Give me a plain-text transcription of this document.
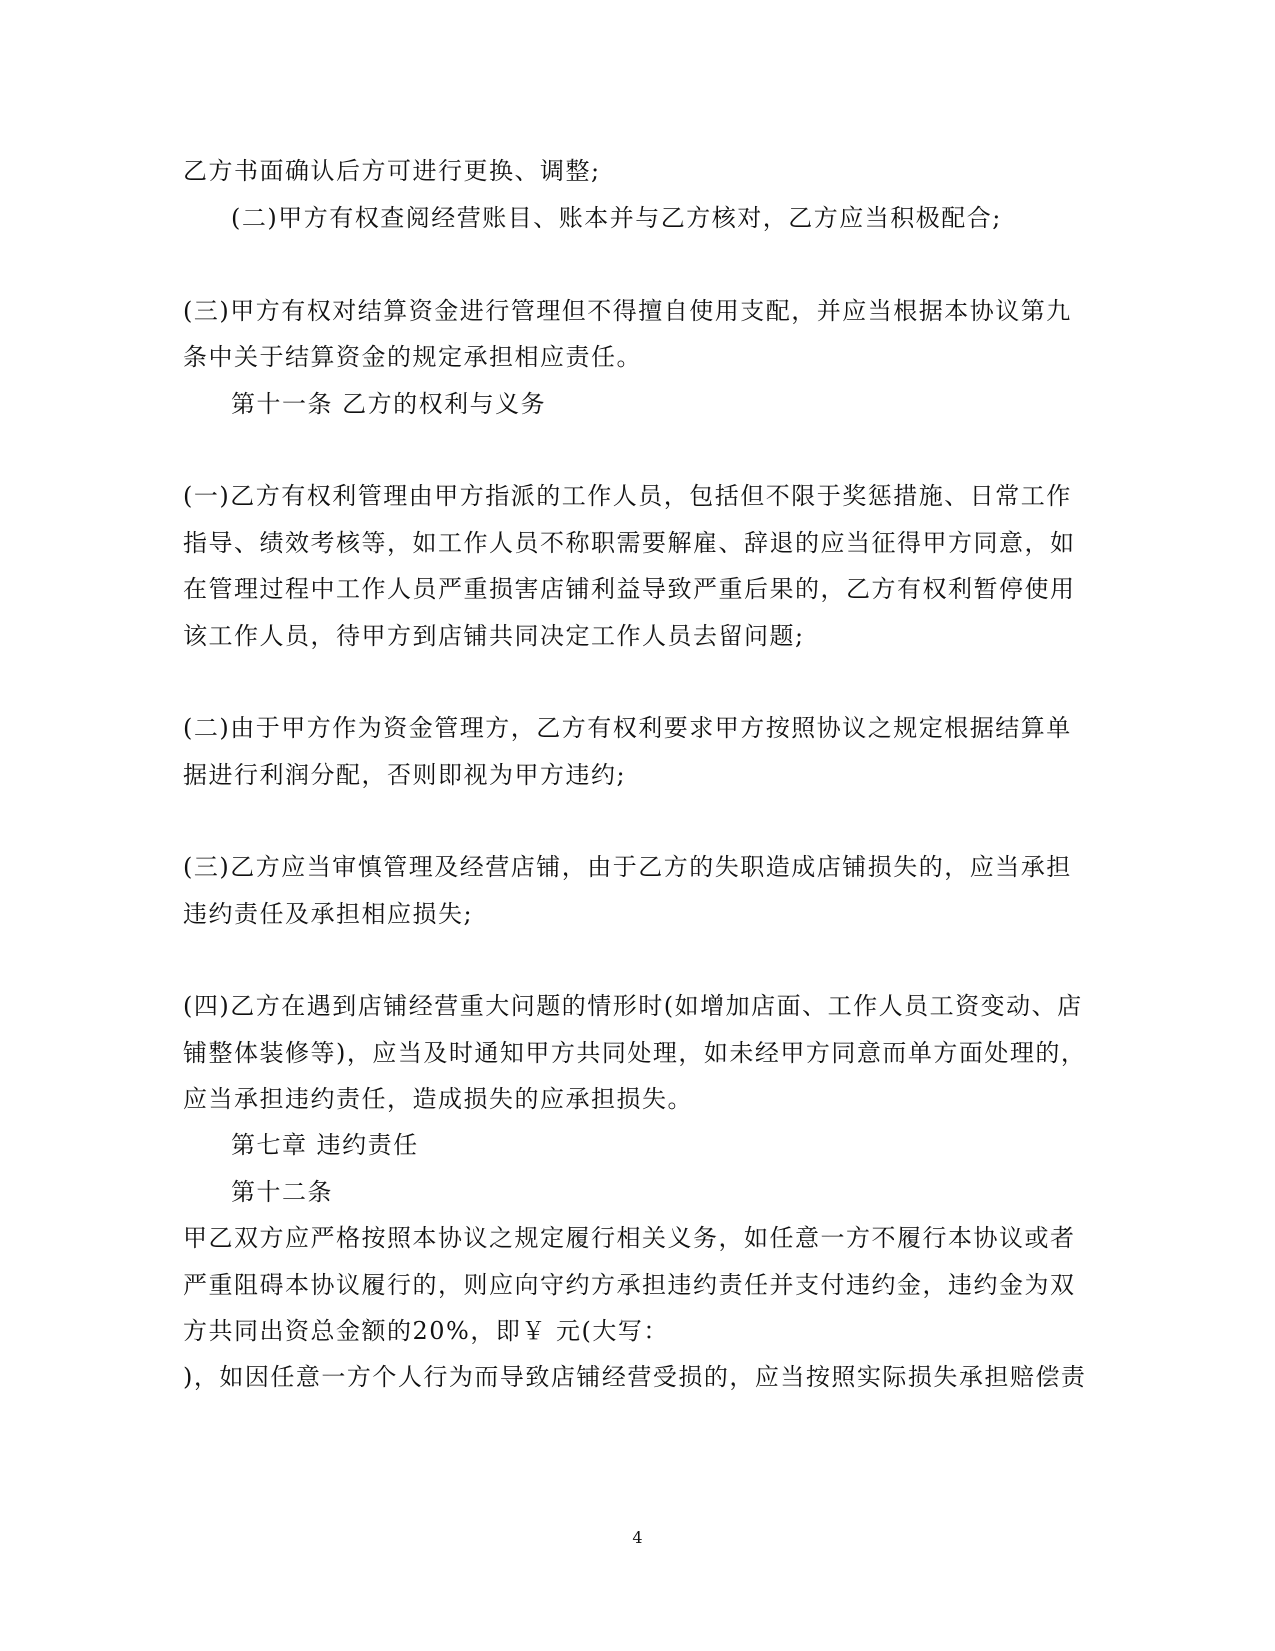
乙方书面确认后方可进行更换、调整;
(二)甲方有权查阅经营账目、账本并与乙方核对，乙方应当积极配合;
(三)甲方有权对结算资金进行管理但不得擅自使用支配，并应当根据本协议第九
条中关于结算资金的规定承担相应责任。
第十一条 乙方的权利与义务
(一)乙方有权利管理由甲方指派的工作人员，包括但不限于奖惩措施、日常工作
指导、绩效考核等，如工作人员不称职需要解雇、辞退的应当征得甲方同意，如
在管理过程中工作人员严重损害店铺利益导致严重后果的，乙方有权利暂停使用
该工作人员，待甲方到店铺共同决定工作人员去留问题;
(二)由于甲方作为资金管理方，乙方有权利要求甲方按照协议之规定根据结算单
据进行利润分配，否则即视为甲方违约;
(三)乙方应当审慎管理及经营店铺，由于乙方的失职造成店铺损失的，应当承担
违约责任及承担相应损失;
(四)乙方在遇到店铺经营重大问题的情形时(如增加店面、工作人员工资变动、店
铺整体装修等)，应当及时通知甲方共同处理，如未经甲方同意而单方面处理的，
应当承担违约责任，造成损失的应承担损失。
第七章 违约责任
第十二条
甲乙双方应严格按照本协议之规定履行相关义务，如任意一方不履行本协议或者
严重阻碍本协议履行的，则应向守约方承担违约责任并支付违约金，违约金为双
方共同出资总金额的20%，即￥ 元(大写：
)，如因任意一方个人行为而导致店铺经营受损的，应当按照实际损失承担赔偿责
4
